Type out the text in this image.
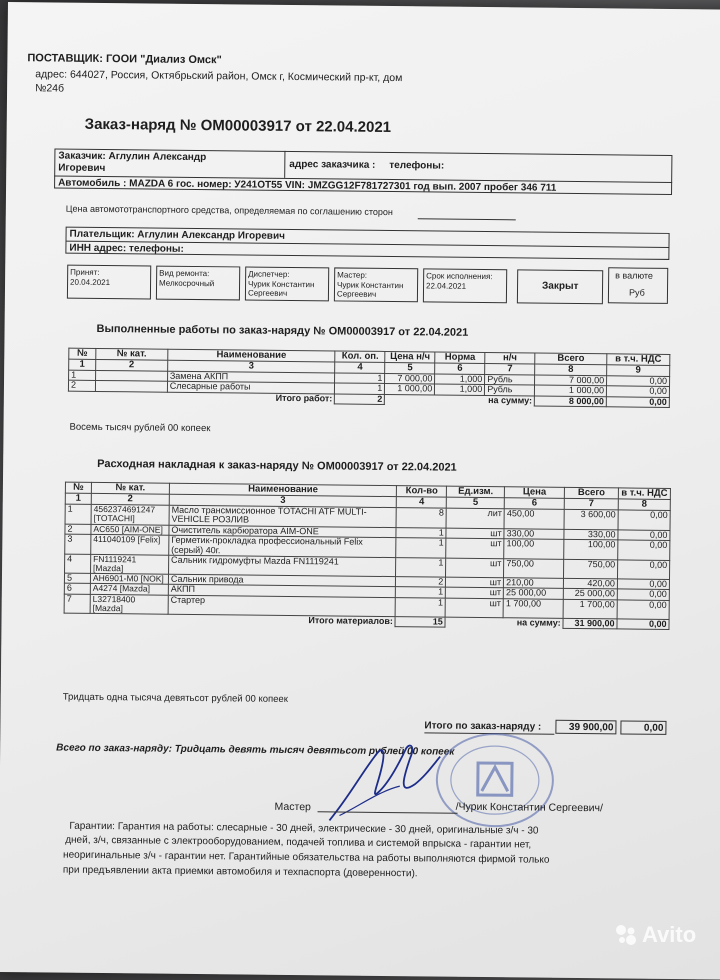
ПОСТАВЩИК: ГООИ "Диализ Омск"
адрес: 644027, Россия, Октябрьский район, Омск г, Космический пр-кт, дом
№24б
Заказ-наряд № ОМ00003917 от 22.04.2021
Заказчик: Аглулин Александр
Игоревич	адрес заказчика : телефоны:
Автомобиль : MAZDA 6 гос. номер: У241ОТ55 VIN: JMZGG12F781727301 год вып. 2007 пробег 346 711
Цена автомототранспортного средства, определяемая по соглашению сторон
Плательщик: Аглулин Александр Игоревич
ИНН адрес: телефоны:
Принят:
20.04.2021
Вид ремонта:
Мелкосрочный
Диспетчер:
Чурик Константин Сергеевич
Мастер:
Чурик Константин Сергеевич
Срок исполнения:
22.04.2021	Закрыт
в валюте
Руб
Выполненные работы по заказ-наряду № ОМ00003917 от 22.04.2021
№	№ кат.	Наименование	Кол. оп.	Цена н/ч	Норма	н/ч	Всего	в т.ч. НДС
1	2	3	4	5	6	7	8	9
1		Замена АКПП	1	7 000,00	1,000	Рубль	7 000,00	0,00
2		Слесарные работы	1	1 000,00	1,000	Рубль	1 000,00	0,00
		Итого работ:	2		на сумму:		8 000,00	0,00
Восемь тысяч рублей 00 копеек
Расходная накладная к заказ-наряду № ОМ00003917 от 22.04.2021
№	№ кат.	Наименование	Кол-во	Ед.изм.	Цена	Всего	в т.ч. НДС
1	2	3	4	5	6	7	8
1	4562374691247 [TOTACHI]	Масло трансмиссионное TOTACHI ATF MULTI-VEHICLE РОЗЛИВ	8	лит	450,00	3 600,00	0,00
2	AC650 [AIM-ONE]	Очиститель карбюратора AIM-ONE	1	шт	330,00	330,00	0,00
3	411040109 [Felix]	Герметик-прокладка профессиональный Felix (серый) 40г.	1	шт	100,00	100,00	0,00
4	FN1119241 [Mazda]	Сальник гидромуфты Mazda FN1119241	1	шт	750,00	750,00	0,00
5	AH6901-M0 [NOK]	Сальник привода	2	шт	210,00	420,00	0,00
6	A4274 [Mazda]	АКПП	1	шт	25 000,00	25 000,00	0,00
7	L32718400 [Mazda]	Стартер	1	шт	1 700,00	1 700,00	0,00
		Итого материалов:	15	на сумму:		31 900,00	0,00
Тридцать одна тысяча девятьсот рублей 00 копеек
Итого по заказ-наряду :	39 900,00	0,00
Всего по заказ-наряду: Тридцать девять тысяч девятьсот рублей 00 копеек
Мастер	/Чурик Константин Сергеевич/
Гарантии: Гарантия на работы: слесарные - 30 дней, электрические - 30 дней, оригинальные з/ч - 30
дней, з/ч, связанные с электрооборудованием, подачей топлива и системой впрыска - гарантии нет,
неоригинальные з/ч - гарантии нет. Гарантийные обязательства на работы выполняются фирмой только
при предъявлении акта приемки автомобиля и техпаспорта (доверенности).
Avito
